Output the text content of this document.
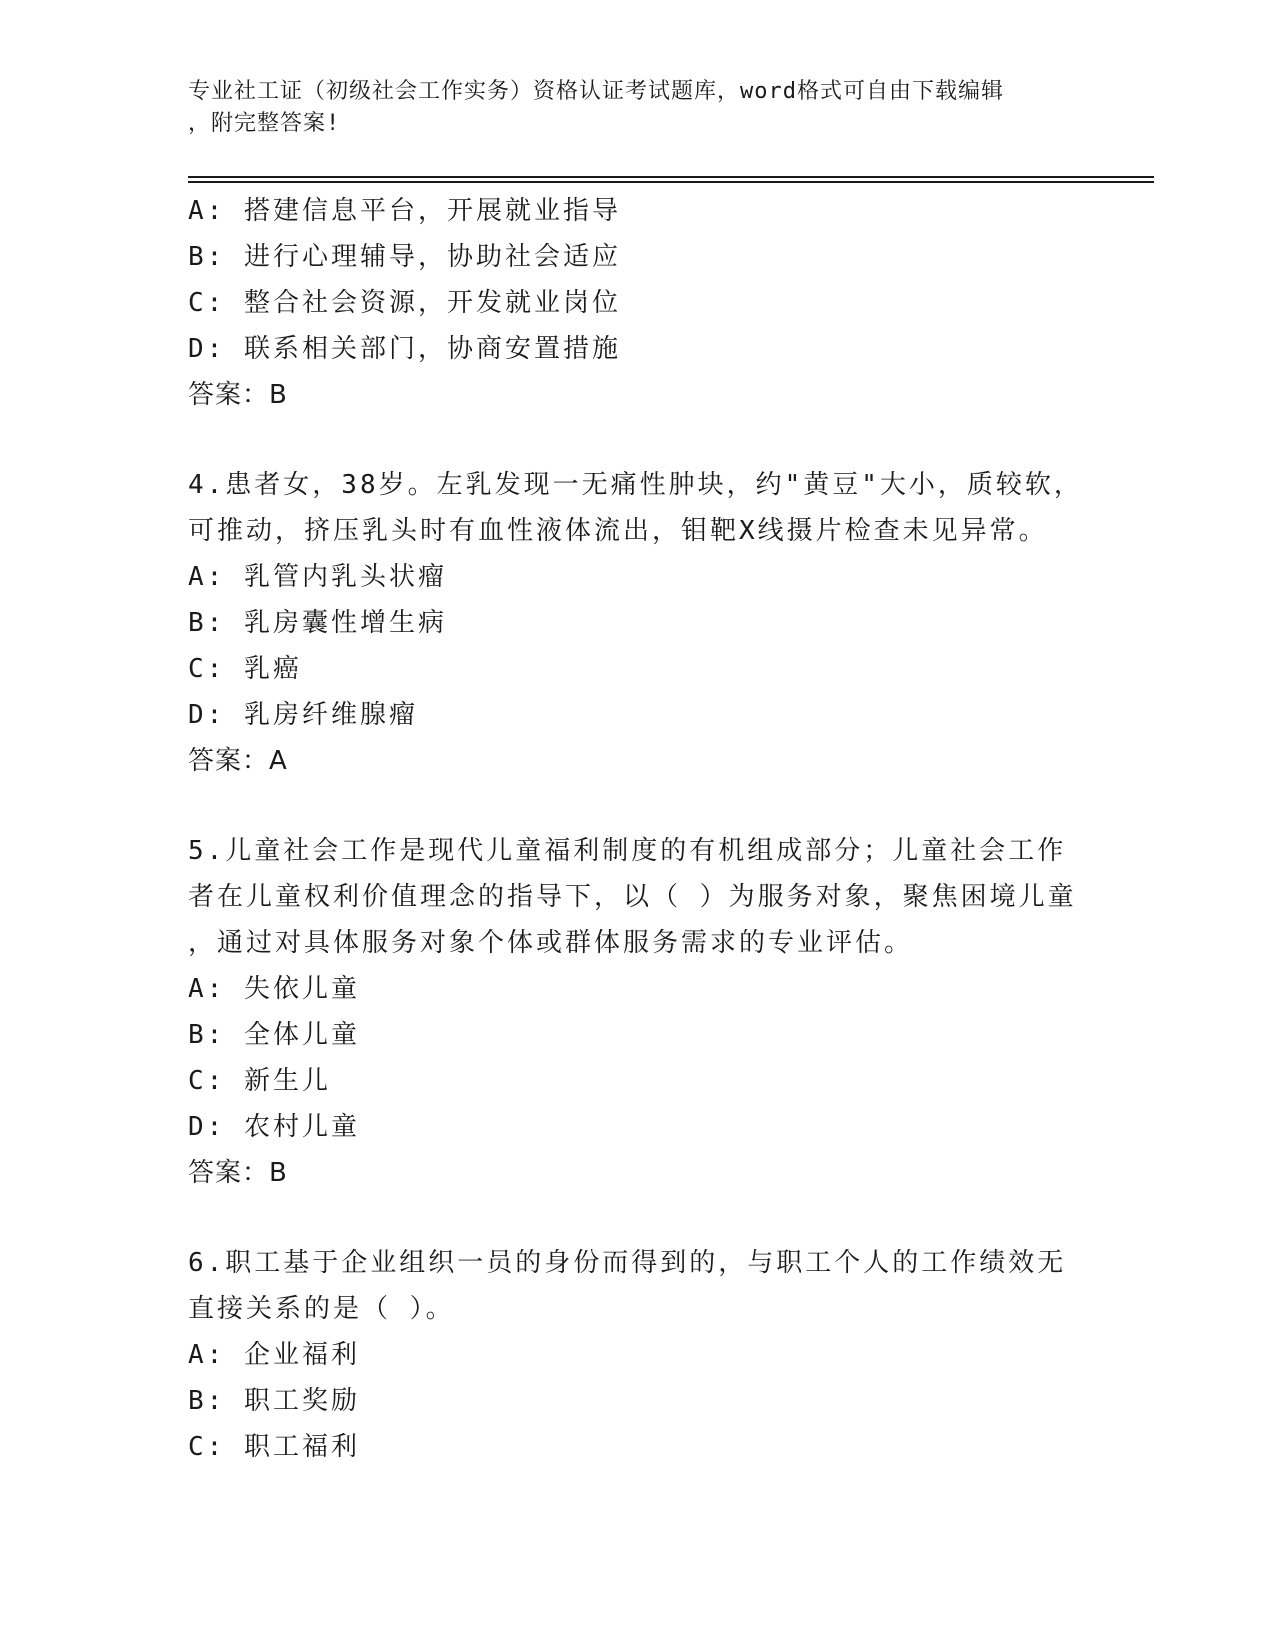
专业社工证（初级社会工作实务）资格认证考试题库，word格式可自由下载编辑

，附完整答案!

A: 搭建信息平台，开展就业指导
B: 进行心理辅导，协助社会适应
C: 整合社会资源，开发就业岗位
D: 联系相关部门，协商安置措施
答案：B
4.患者女，38岁。左乳发现一无痛性肿块，约"黄豆"大小，质较软，
可推动，挤压乳头时有血性液体流出，钼靶X线摄片检查未见异常。
A: 乳管内乳头状瘤
B: 乳房囊性增生病
C: 乳癌
D: 乳房纤维腺瘤
答案：A
5.儿童社会工作是现代儿童福利制度的有机组成部分；儿童社会工作
者在儿童权利价值理念的指导下，以（ ）为服务对象，聚焦困境儿童
，通过对具体服务对象个体或群体服务需求的专业评估。
A: 失依儿童
B: 全体儿童
C: 新生儿
D: 农村儿童
答案：B
6.职工基于企业组织一员的身份而得到的，与职工个人的工作绩效无
直接关系的是（ ）。
A: 企业福利
B: 职工奖励
C: 职工福利
